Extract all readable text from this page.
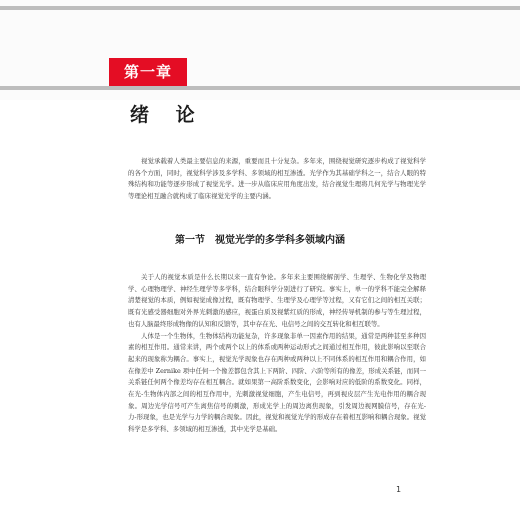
第一章
绪 论

视觉承载着人类最主要信息的来源，重要而且十分复杂。多年来，围绕视觉研究逐步构成了视觉科学的各个方面，同时，视觉科学涉及多学科、多领域的相互渗透。光学作为其基础学科之一，结合人眼的特殊结构和功能等逐步形成了视觉光学。进一步从临床应用角度出发，结合视觉生理将几何光学与物理光学等理论相互融合就构成了临床视觉光学的主要内涵。

第一节　视觉光学的多学科多领域内涵

关于人的视觉本质是什么长期以来一直有争论。多年来主要围绕解剖学、生理学、生物化学及物理学、心理物理学、神经生理学等多学科，结合眼科学分别进行了研究。事实上，单一的学科不能完全解释清楚视觉的本质，例如视觉成像过程，既有物理学、生理学及心理学等过程，又有它们之间的相互关联；既有光感受器细胞对外界光刺激的感应，视蛋白质及视紫红质的形成，神经传导机制的参与等生理过程，也有人脑最终形成物像的认知和反馈等，其中存在光、电信号之间的交互转化和相互联等。

人体是一个生物体，生物体结构功能复杂，许多现象非单一因素作用的结果，通常是两种甚至多种因素的相互作用。通常来讲，两个或两个以上的体系或两种运动形式之间通过相互作用，彼此影响以至联合起来的现象称为耦合。事实上，视觉光学现象也存在两种或两种以上不同体系的相互作用和耦合作用，如在像差中 Zernike 项中任何一个像差都包含其上下两阶、四阶、六阶等所有的像差，形成关系链，而同一关系链任何两个像差均存在相互耦合。就如果第一高阶系数变化，会影响对应的低阶的系数变化。同样，在光-生物体内部之间的相互作用中，光刺激视觉细胞，产生电信号，再到视皮层产生光电作用的耦合现象。周边光学信号可产生离焦信号的刺激，形成光学上的周边离焦现象，引发周边视网膜信号，存在光-力-形现象，也是光学与力学的耦合现象。因此，视觉和视觉光学的形成存在着相互影响和耦合现象。视觉科学是多学科、多领域的相互渗透，其中光学是基础。

1
